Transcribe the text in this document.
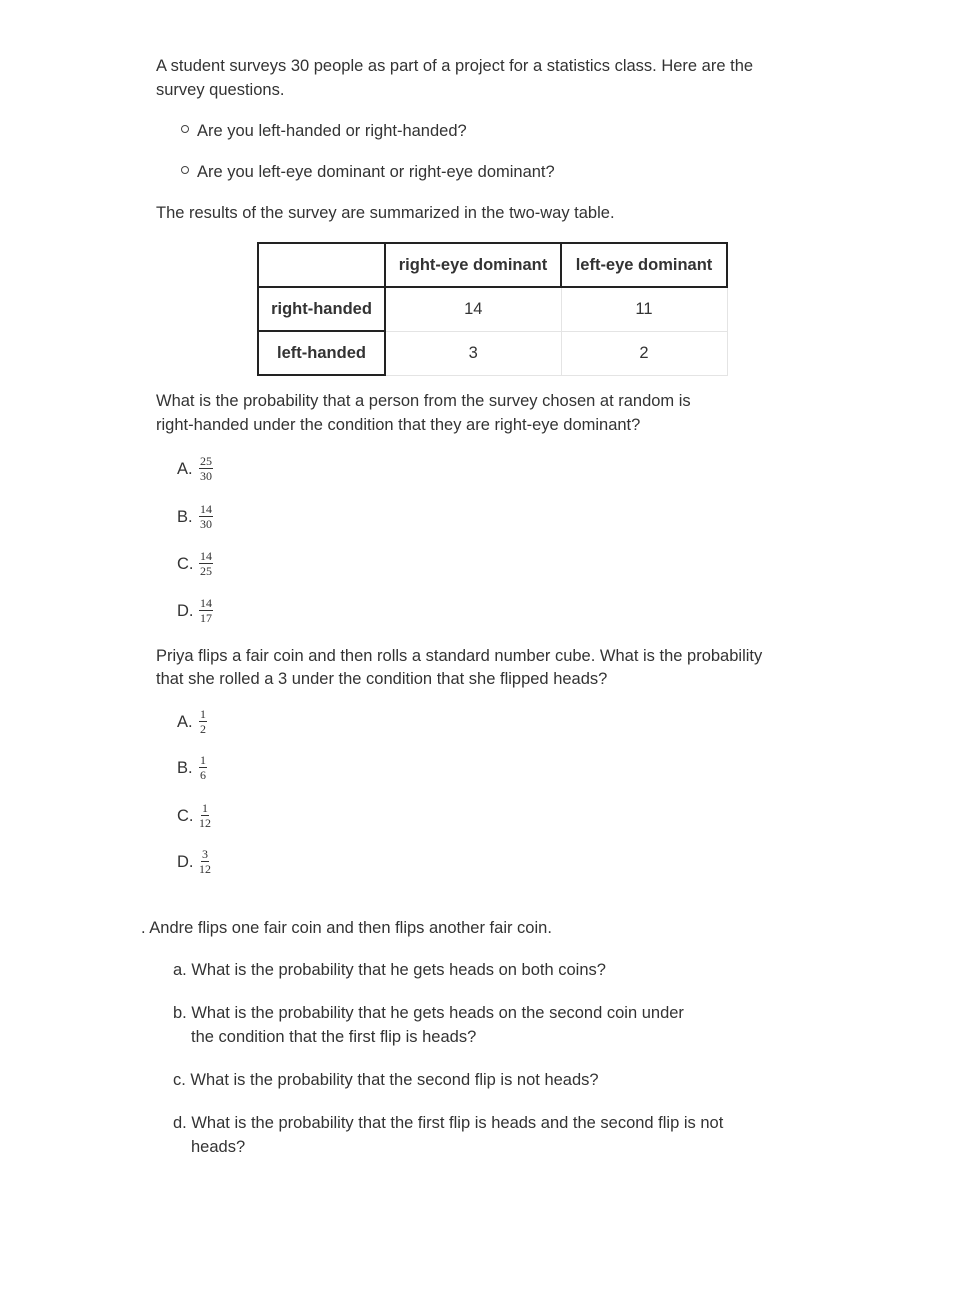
A student surveys 30 people as part of a project for a statistics class. Here are the
survey questions.
Are you left-handed or right-handed?
Are you left-eye dominant or right-eye dominant?
The results of the survey are summarized in the two-way table.
	right-eye dominant	left-eye dominant
right-handed	14	11
left-handed	3	2
What is the probability that a person from the survey chosen at random is
right-handed under the condition that they are right-eye dominant?
A. $\frac{25}{30}$
B. $\frac{14}{30}$
C. $\frac{14}{25}$
D. $\frac{14}{17}$
Priya flips a fair coin and then rolls a standard number cube. What is the probability
that she rolled a 3 under the condition that she flipped heads?
A. $\frac{1}{2}$
B. $\frac{1}{6}$
C. $\frac{1}{12}$
D. $\frac{3}{12}$
. Andre flips one fair coin and then flips another fair coin.
a. What is the probability that he gets heads on both coins?
b. What is the probability that he gets heads on the second coin under
the condition that the first flip is heads?
c. What is the probability that the second flip is not heads?
d. What is the probability that the first flip is heads and the second flip is not
heads?
